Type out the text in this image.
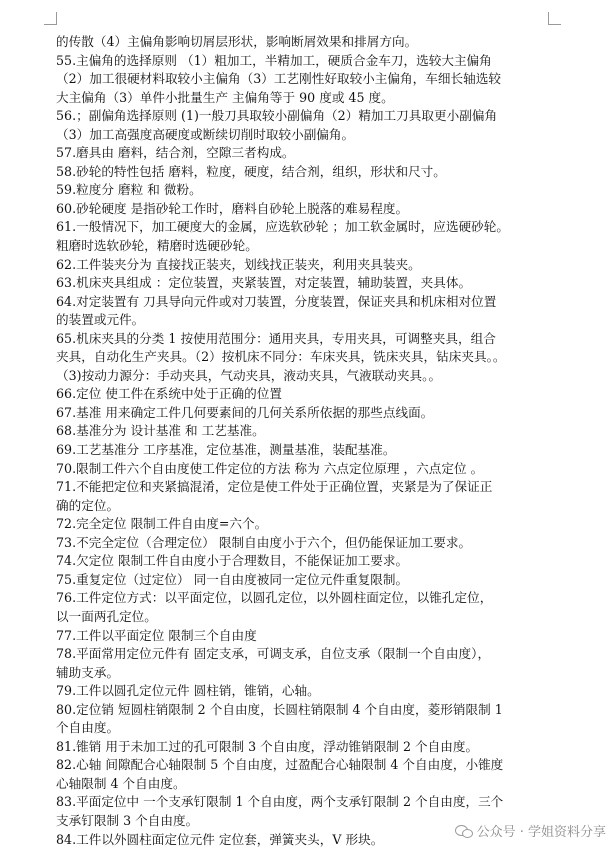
的传散（4）主偏角影响切屑层形状，影响断屑效果和排屑方向。
55.主偏角的选择原则 （1）粗加工，半精加工，硬质合金车刀，选较大主偏角
（2）加工很硬材料取较小主偏角（3）工艺刚性好取较小主偏角，车细长轴选较
大主偏角（3）单件小批量生产 主偏角等于 90 度或 45 度。
56.；副偏角选择原则 (1)一般刀具取较小副偏角（2）精加工刀具取更小副偏角
（3）加工高强度高硬度或断续切削时取较小副偏角。
57.磨具由 磨料，结合剂，空隙三者构成。
58.砂轮的特性包括 磨料，粒度，硬度，结合剂，组织，形状和尺寸。
59.粒度分 磨粒 和 微粉。
60.砂轮硬度 是指砂轮工作时，磨料自砂轮上脱落的难易程度。
61.一般情况下，加工硬度大的金属，应选软砂轮 ；加工软金属时，应选硬砂轮。
粗磨时选软砂轮，精磨时选硬砂轮。
62.工件装夹分为 直接找正装夹，划线找正装夹，利用夹具装夹。
63.机床夹具组成 ：定位装置，夹紧装置，对定装置，辅助装置，夹具体。
64.对定装置有 刀具导向元件或对刀装置，分度装置，保证夹具和机床相对位置
的装置或元件。
65.机床夹具的分类 1 按使用范围分：通用夹具，专用夹具，可调整夹具，组合
夹具，自动化生产夹具。（2）按机床不同分：车床夹具，铣床夹具，钻床夹具。。
（3)按动力源分：手动夹具，气动夹具，液动夹具，气液联动夹具。。
66.定位 使工件在系统中处于正确的位置
67.基准 用来确定工件几何要素间的几何关系所依据的那些点线面。
68.基准分为 设计基准 和 工艺基准。
69.工艺基准分 工序基准，定位基准，测量基准，装配基准。
70.限制工件六个自由度使工件定位的方法 称为 六点定位原理 ，六点定位 。
71.不能把定位和夹紧搞混淆，定位是使工件处于正确位置，夹紧是为了保证正
确的定位。
72.完全定位 限制工件自由度=六个。
73.不完全定位（合理定位） 限制自由度小于六个，但仍能保证加工要求。
74.欠定位 限制工件自由度小于合理数目，不能保证加工要求。
75.重复定位（过定位） 同一自由度被同一定位元件重复限制。
76.工件定位方式：以平面定位，以圆孔定位，以外圆柱面定位，以锥孔定位，
以一面两孔定位。
77.工件以平面定位 限制三个自由度
78.平面常用定位元件有 固定支承，可调支承，自位支承（限制一个自由度），
辅助支承。
79.工件以圆孔定位元件 圆柱销，锥销，心轴。
80.定位销 短圆柱销限制 2 个自由度，长圆柱销限制 4 个自由度，菱形销限制 1
个自由度。
81.锥销 用于未加工过的孔可限制 3 个自由度，浮动锥销限制 2 个自由度。
82.心轴 间隙配合心轴限制 5 个自由度，过盈配合心轴限制 4 个自由度，小锥度
心轴限制 4 个自由度。
83.平面定位中 一个支承钉限制 1 个自由度，两个支承钉限制 2 个自由度，三个
支承钉限制 3 个自由度。
84.工件以外圆柱面定位元件 定位套，弹簧夹头，V 形块。	公众号 · 学姐资料分享
